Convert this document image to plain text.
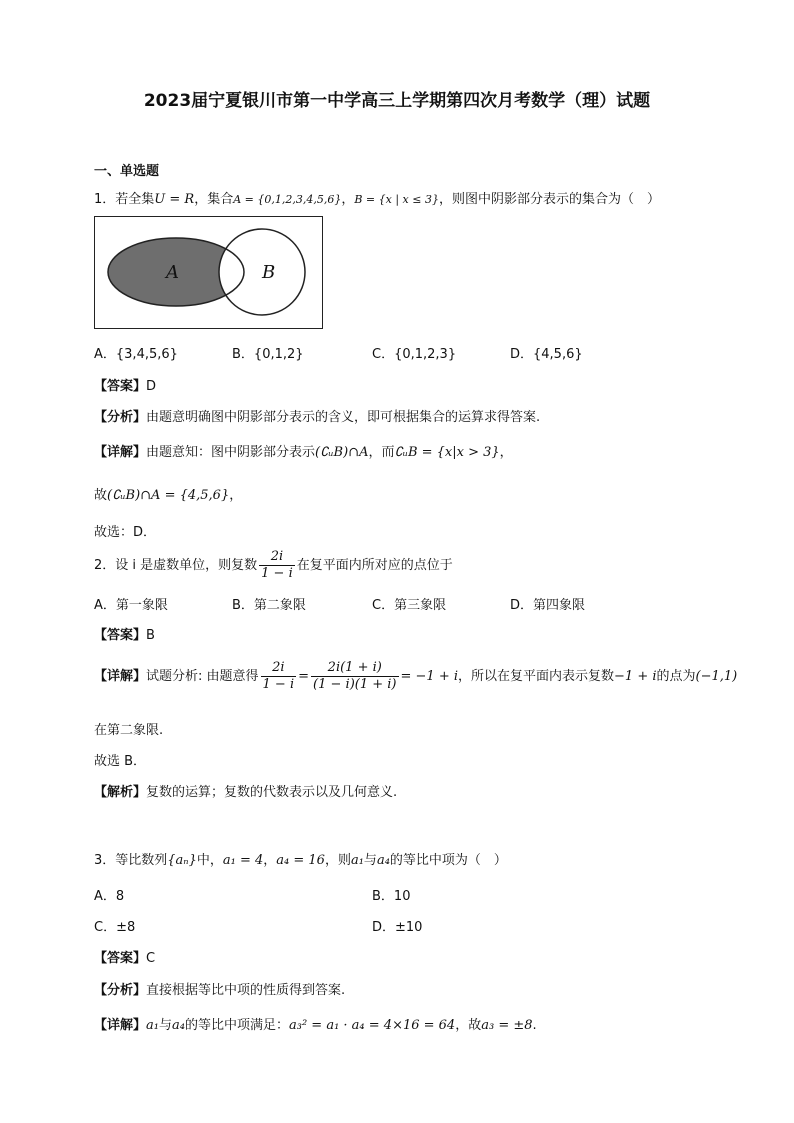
2023届宁夏银川市第一中学高三上学期第四次月考数学（理）试题
一、单选题
1．若全集U = R，集合A = {0,1,2,3,4,5,6}，B = {x | x ≤ 3}，则图中阴影部分表示的集合为（　）
A	B
A．{3,4,5,6}	B．{0,1,2}	C．{0,1,2,3}	D．{4,5,6}
【答案】D
【分析】由题意明确图中阴影部分表示的含义，即可根据集合的运算求得答案.
【详解】由题意知：图中阴影部分表示(∁ᵤB)∩A，而∁ᵤB = {x|x > 3}，
故(∁ᵤB)∩A = {4,5,6}，
故选：D．
2．设 i 是虚数单位，则复数 $\frac{2i}{1 - i}$ 在复平面内所对应的点位于
A．第一象限	B．第二象限	C．第三象限	D．第四象限
【答案】B
【详解】试题分析: 由题意得 $\frac{2i}{1 - i} = \frac{2i(1 + i)}{(1 - i)(1 + i)} = -1 + i$，所以在复平面内表示复数−1 + i的点为(−1,1)
在第二象限.
故选 B．
【解析】复数的运算；复数的代数表示以及几何意义.
3．等比数列{aₙ}中，a₁ = 4，a₄ = 16，则a₁与a₄的等比中项为（　）
A．8	B．10
C．±8	D．±10
【答案】C
【分析】直接根据等比中项的性质得到答案.
【详解】a₁与a₄的等比中项满足：a₃² = a₁ · a₄ = 4×16 = 64，故a₃ = ±8.
